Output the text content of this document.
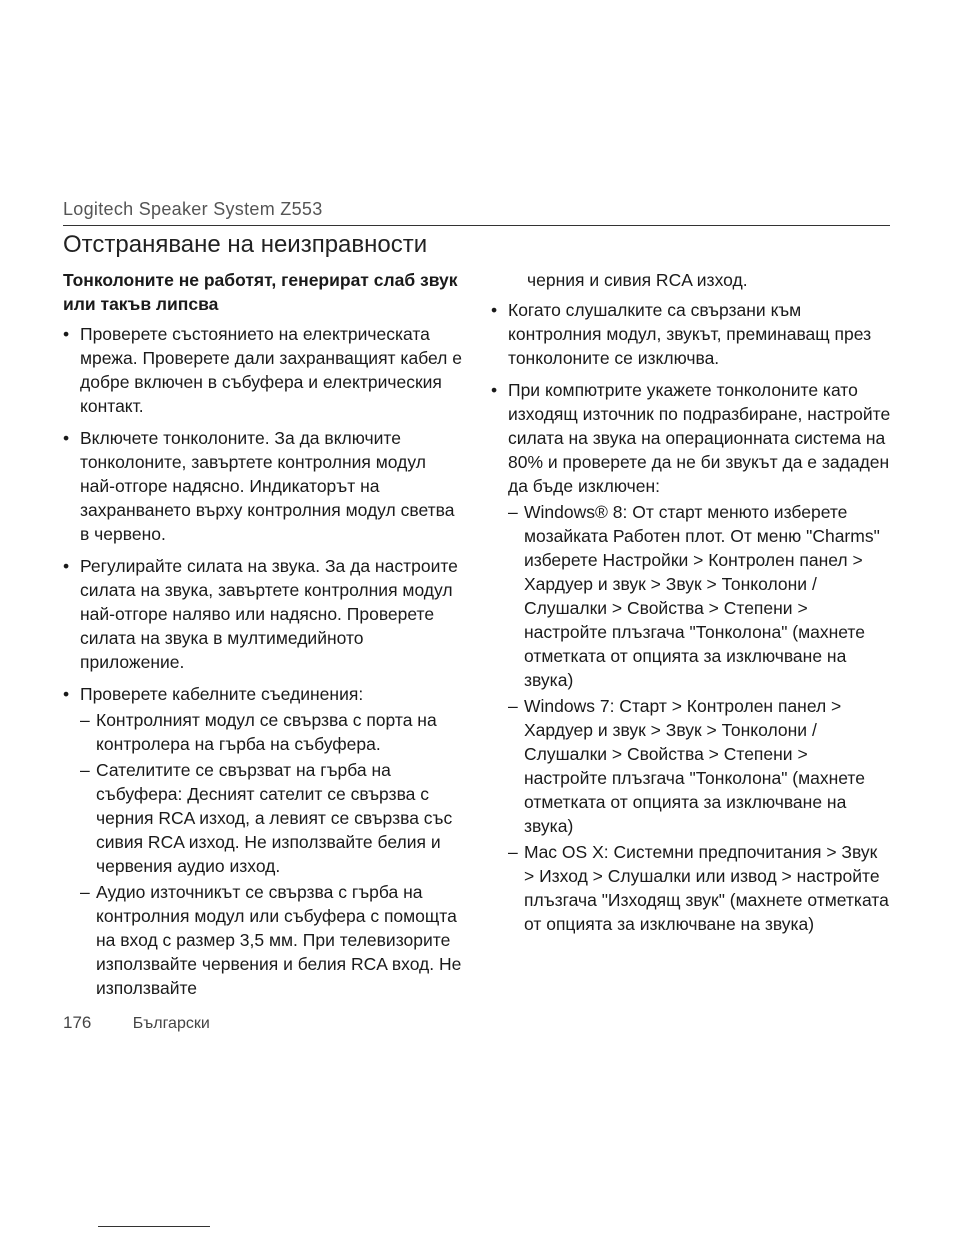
Logitech Speaker System Z553
Отстраняване на неизправности
Тонколоните не работят, генерират слаб звук или такъв липсва
• Проверете състоянието на електрическата мрежа. Проверете дали захранващият кабел е добре включен в събуфера и електрическия контакт.
• Включете тонколоните. За да включите тонколоните, завъртете контролния модул най-отгоре надясно. Индикаторът на захранването върху контролния модул светва в червено.
• Регулирайте силата на звука. За да настроите силата на звука, завъртете контролния модул най-отгоре наляво или надясно. Проверете силата на звука в мултимедийното приложение.
• Проверете кабелните съединения:
– Контролният модул се свързва с порта на контролера на гърба на събуфера.
– Сателитите се свързват на гърба на събуфера: Десният сателит се свързва с черния RCA изход, а левият се свързва със сивия RCA изход. Не използвайте белия и червения аудио изход.
– Аудио източникът се свързва с гърба на контролния модул или събуфера с помощта на вход с размер 3,5 мм. При телевизорите използвайте червения и белия RCA вход. Не използвайте
черния и сивия RCA изход.
• Когато слушалките са свързани към контролния модул, звукът, преминаващ през тонколоните се изключва.
• При компютрите укажете тонколоните като изходящ източник по подразбиране, настройте силата на звука на операционната система на 80% и проверете да не би звукът да е зададен да бъде изключен:
– Windows® 8: От старт менюто изберете мозайката Работен плот. От меню "Charms" изберете Настройки > Контролен панел > Хардуер и звук > Звук > Тонколони / Слушалки > Свойства > Степени > настройте плъзгача "Тонколона" (махнете отметката от опцията за изключване на звука)
– Windows 7: Старт > Контролен панел > Хардуер и звук > Звук > Тонколони / Слушалки > Свойства > Степени > настройте плъзгача "Тонколона" (махнете отметката от опцията за изключване на звука)
– Mac OS X: Системни предпочитания > Звук > Изход > Слушалки или извод > настройте плъзгача "Изходящ звук" (махнете отметката от опцията за изключване на звука)
176	Български
